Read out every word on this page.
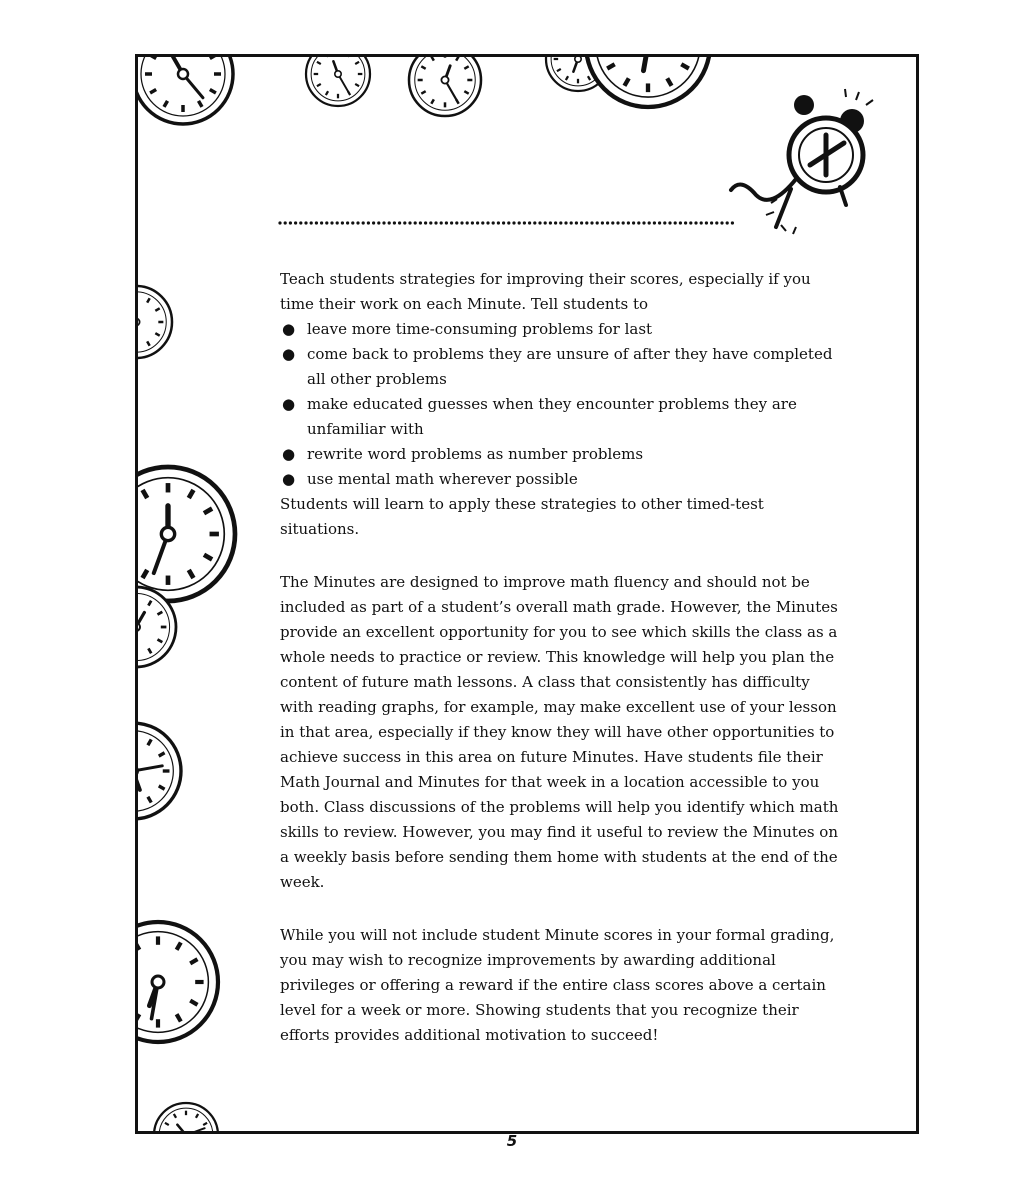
Teach students strategies for improving their scores, especially if you time their work on each Minute. Tell students to

● leave more time-consuming problems for last
● come back to problems they are unsure of after they have completed all other problems
● make educated guesses when they encounter problems they are unfamiliar with
● rewrite word problems as number problems
● use mental math wherever possible

Students will learn to apply these strategies to other timed-test situations.

The Minutes are designed to improve math fluency and should not be included as part of a student’s overall math grade. However, the Minutes provide an excellent opportunity for you to see which skills the class as a whole needs to practice or review. This knowledge will help you plan the content of future math lessons. A class that consistently has difficulty with reading graphs, for example, may make excellent use of your lesson in that area, especially if they know they will have other opportunities to achieve success in this area on future Minutes. Have students file their Math Journal and Minutes for that week in a location accessible to you both. Class discussions of the problems will help you identify which math skills to review. However, you may find it useful to review the Minutes on a weekly basis before sending them home with students at the end of the week.

While you will not include student Minute scores in your formal grading, you may wish to recognize improvements by awarding additional privileges or offering a reward if the entire class scores above a certain level for a week or more. Showing students that you recognize their efforts provides additional motivation to succeed!

5
